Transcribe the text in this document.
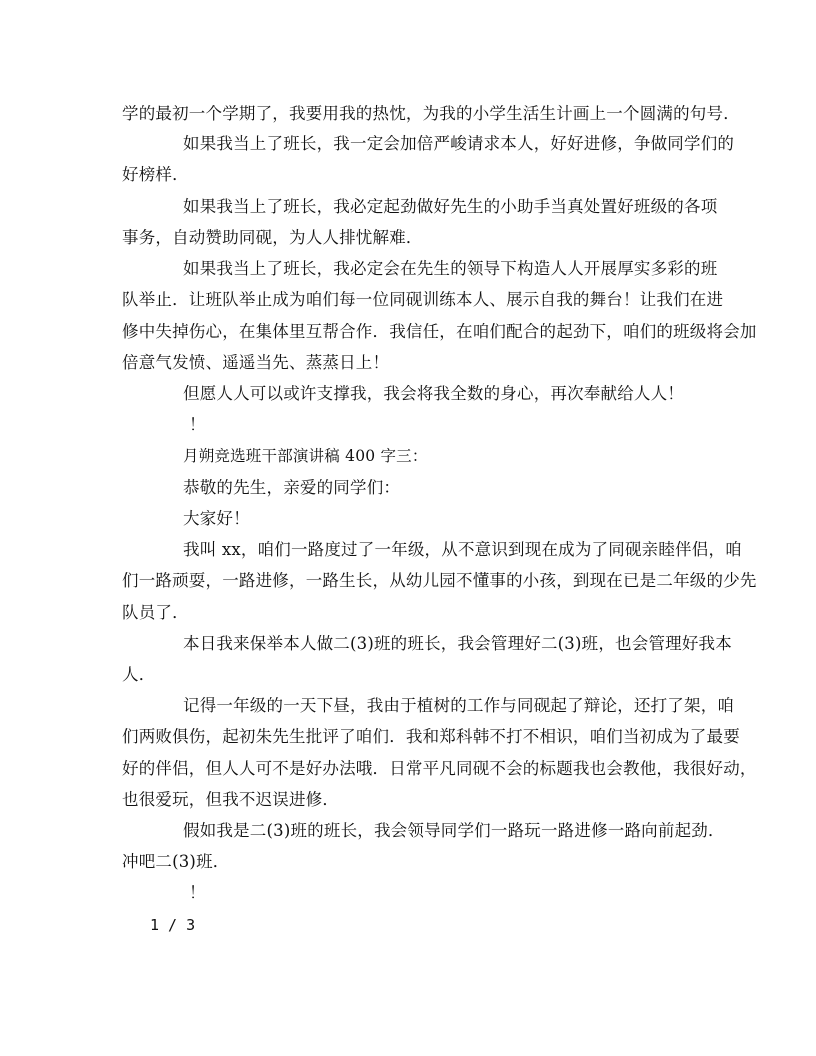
学的最初一个学期了，我要用我的热忱，为我的小学生活生计画上一个圆满的句号．
如果我当上了班长，我一定会加倍严峻请求本人，好好进修，争做同学们的
好榜样．
如果我当上了班长，我必定起劲做好先生的小助手当真处置好班级的各项
事务，自动赞助同砚，为人人排忧解难．
如果我当上了班长，我必定会在先生的领导下构造人人开展厚实多彩的班
队举止．让班队举止成为咱们每一位同砚训练本人、展示自我的舞台！让我们在进
修中失掉伤心，在集体里互帮合作．我信任，在咱们配合的起劲下，咱们的班级将会加
倍意气发愤、遥遥当先、蒸蒸日上！
但愿人人可以或许支撑我，我会将我全数的身心，再次奉献给人人！
！
月朔竞选班干部演讲稿 400 字三：
恭敬的先生，亲爱的同学们：
大家好！
我叫 xx，咱们一路度过了一年级，从不意识到现在成为了同砚亲睦伴侣，咱
们一路顽耍，一路进修，一路生长，从幼儿园不懂事的小孩，到现在已是二年级的少先
队员了．
本日我来保举本人做二(3)班的班长，我会管理好二(3)班，也会管理好我本
人．
记得一年级的一天下昼，我由于植树的工作与同砚起了辩论，还打了架，咱
们两败俱伤，起初朱先生批评了咱们．我和郑科韩不打不相识，咱们当初成为了最要
好的伴侣，但人人可不是好办法哦．日常平凡同砚不会的标题我也会教他，我很好动，
也很爱玩，但我不迟误进修．
假如我是二(3)班的班长，我会领导同学们一路玩一路进修一路向前起劲．
冲吧二(3)班．
！
1 / 3
